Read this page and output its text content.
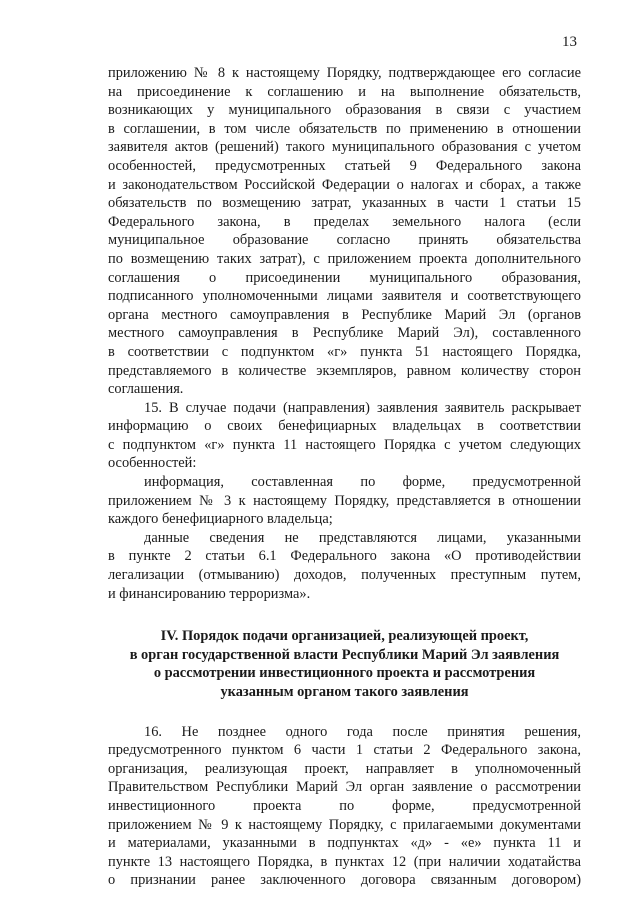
13
приложению № 8 к настоящему Порядку, подтверждающее его согласие
на присоединение к соглашению и на выполнение обязательств,
возникающих у муниципального образования в связи с участием
в соглашении, в том числе обязательств по применению в отношении
заявителя актов (решений) такого муниципального образования с учетом
особенностей, предусмотренных статьей 9 Федерального закона
и законодательством Российской Федерации о налогах и сборах, а также
обязательств по возмещению затрат, указанных в части 1 статьи 15
Федерального закона, в пределах земельного налога (если
муниципальное образование согласно принять обязательства
по возмещению таких затрат), с приложением проекта дополнительного
соглашения о присоединении муниципального образования,
подписанного уполномоченными лицами заявителя и соответствующего
органа местного самоуправления в Республике Марий Эл (органов
местного самоуправления в Республике Марий Эл), составленного
в соответствии с подпунктом «г» пункта 51 настоящего Порядка,
представляемого в количестве экземпляров, равном количеству сторон
соглашения.
15. В случае подачи (направления) заявления заявитель раскрывает
информацию о своих бенефициарных владельцах в соответствии
с подпунктом «г» пункта 11 настоящего Порядка с учетом следующих
особенностей:
информация, составленная по форме, предусмотренной
приложением № 3 к настоящему Порядку, представляется в отношении
каждого бенефициарного владельца;
данные сведения не представляются лицами, указанными
в пункте 2 статьи 6.1 Федерального закона «О противодействии
легализации (отмыванию) доходов, полученных преступным путем,
и финансированию терроризма».
IV. Порядок подачи организацией, реализующей проект,
в орган государственной власти Республики Марий Эл заявления
о рассмотрении инвестиционного проекта и рассмотрения
указанным органом такого заявления
16. Не позднее одного года после принятия решения,
предусмотренного пунктом 6 части 1 статьи 2 Федерального закона,
организация, реализующая проект, направляет в уполномоченный
Правительством Республики Марий Эл орган заявление о рассмотрении
инвестиционного проекта по форме, предусмотренной
приложением № 9 к настоящему Порядку, с прилагаемыми документами
и материалами, указанными в подпунктах «д» - «е» пункта 11 и
пункте 13 настоящего Порядка, в пунктах 12 (при наличии ходатайства
о признании ранее заключенного договора связанным договором)
